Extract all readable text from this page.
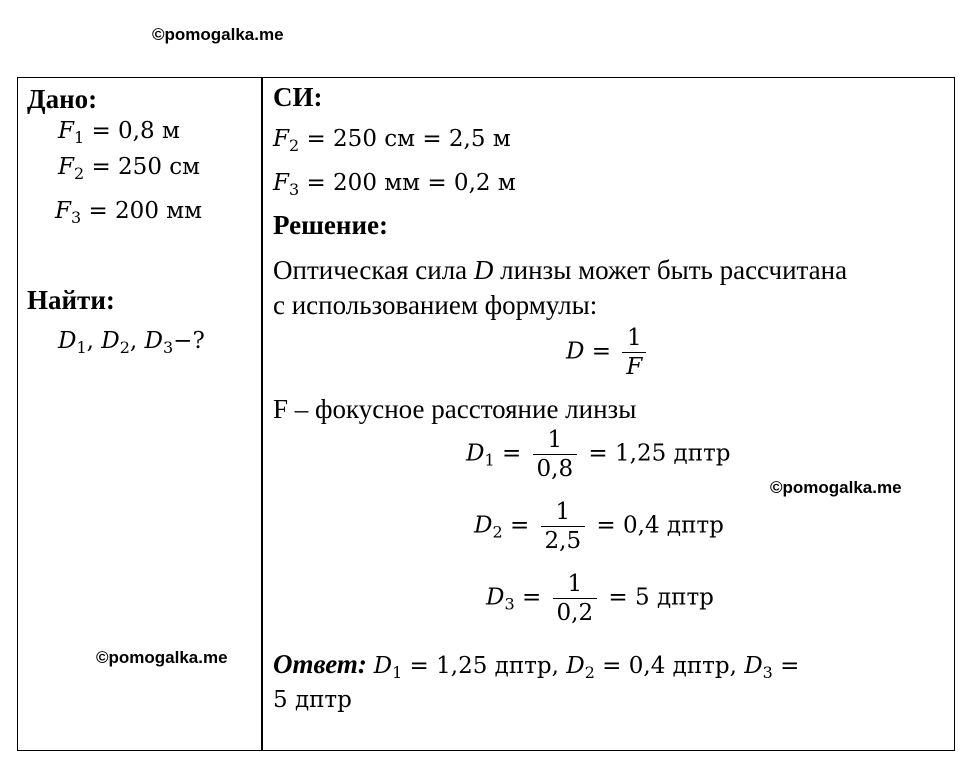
©pomogalka.me
©pomogalka.me
©pomogalka.me
Дано:
$F_1 = 0,8$ м
$F_2 = 250$ см
$F_3 = 200$ мм
Найти:
$D_1$, $D_2$, $D_3-$?
СИ:
$F_2 = 250$ см = 2,5 м
$F_3 = 200$ мм = 0,2 м
Решение:
Оптическая сила D линзы может быть рассчитана
с использованием формулы:
$D = \frac{1}{F}$
F – фокусное расстояние линзы
$D_1 = \frac{1}{0,8} = 1,25$ дптр
$D_2 = \frac{1}{2,5} = 0,4$ дптр
$D_3 = \frac{1}{0,2} = 5$ дптр
Ответ: $D_1 = 1,25$ дптр, $D_2 = 0,4$ дптр, $D_3$ =
5 дптр
